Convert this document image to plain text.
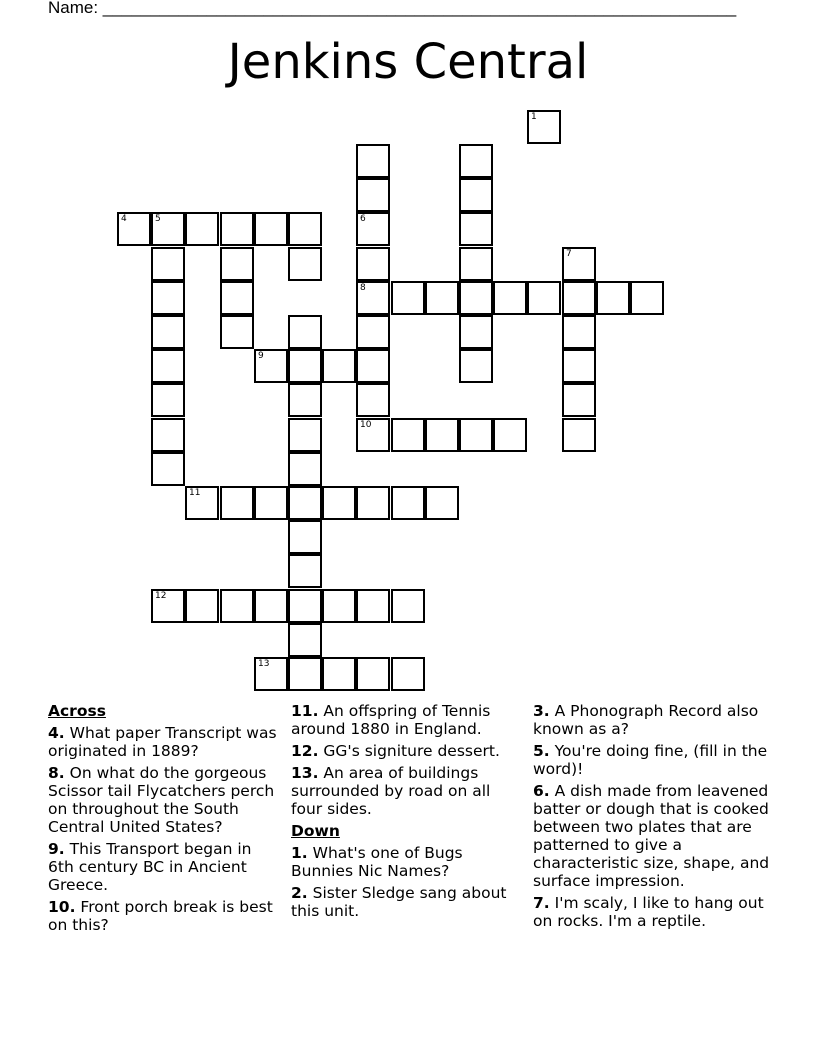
Name: ___________________________________________________________________
Jenkins Central
1
4	5	6
7
8
9
10
11
12
13
Across
4. What paper Transcript was originated in 1889?
8. On what do the gorgeous Scissor tail Flycatchers perch on throughout the South Central United States?
9. This Transport began in 6th century BC in Ancient Greece.
10. Front porch break is best on this?
11. An offspring of Tennis around 1880 in England.
12. GG's signiture dessert.
13. An area of buildings surrounded by road on all four sides.
Down
1. What's one of Bugs Bunnies Nic Names?
2. Sister Sledge sang about this unit.
3. A Phonograph Record also known as a?
5. You're doing fine, (fill in the word)!
6. A dish made from leavened batter or dough that is cooked between two plates that are patterned to give a characteristic size, shape, and surface impression.
7. I'm scaly, I like to hang out on rocks. I'm a reptile.
